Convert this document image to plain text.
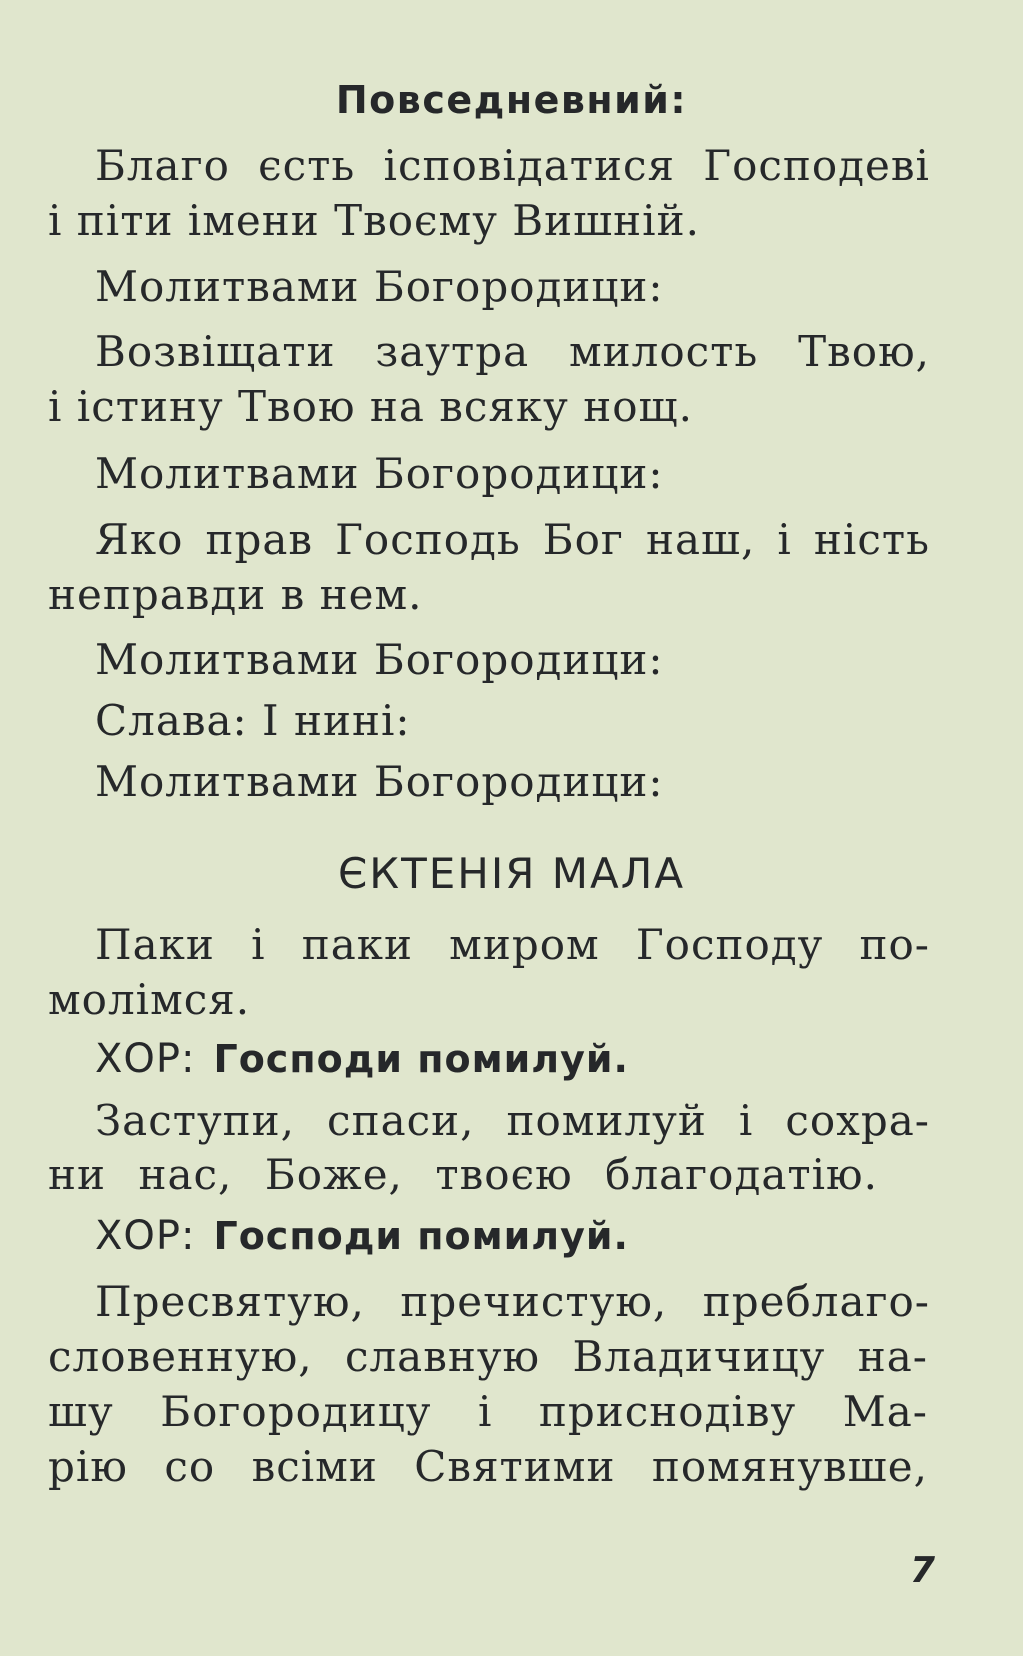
Повседневний:
Благо єсть ісповідатися Господеві
і піти імени Твоєму Вишній.
Молитвами Богородици:
Возвіщати заутра милость Твою,
і істину Твою на всяку нощ.
Молитвами Богородици:
Яко прав Господь Бог наш, і ність
неправди в нем.
Молитвами Богородици:
Слава: І нині:
Молитвами Богородици:
ЄКТЕНІЯ МАЛА
Паки і паки миром Господу по-
молімся.
ХОР: Господи помилуй.
Заступи, спаси, помилуй і сохра-
ни нас, Боже, твоєю благодатію.
ХОР: Господи помилуй.
Пресвятую, пречистую, преблаго-
словенную, славную Владичицу на-
шу Богородицу і приснодіву Ма-
рію со всіми Святими помянувше,
7
